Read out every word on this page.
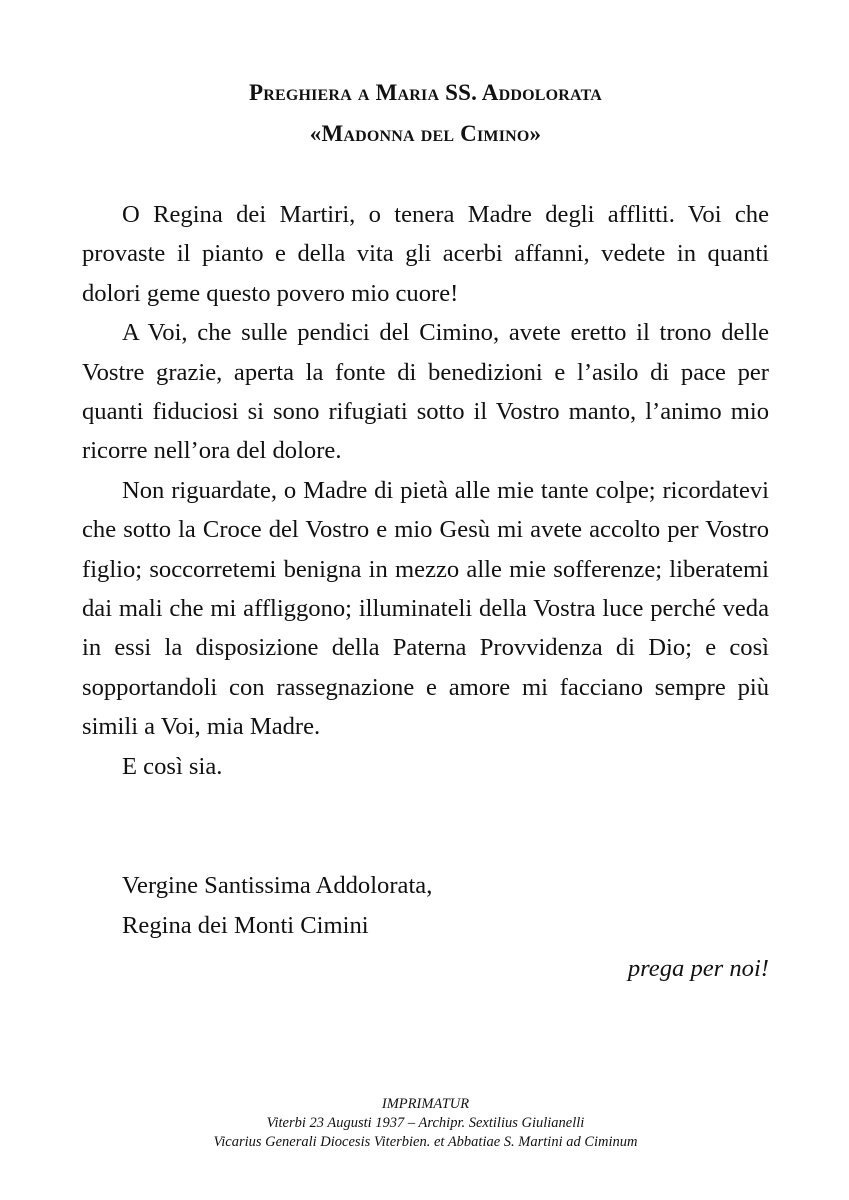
Preghiera a Maria SS. Addolorata
«Madonna del Cimino»

O Regina dei Martiri, o tenera Madre degli afflitti. Voi che provaste il pianto e della vita gli acerbi affanni, vedete in quanti dolori geme questo povero mio cuore!

A Voi, che sulle pendici del Cimino, avete eretto il trono delle Vostre grazie, aperta la fonte di benedizioni e l’asilo di pace per quanti fiduciosi si sono rifugiati sotto il Vostro manto, l’animo mio ricorre nell’ora del dolore.

Non riguardate, o Madre di pietà alle mie tante colpe; ricordatevi che sotto la Croce del Vostro e mio Gesù mi avete accolto per Vostro figlio; soccorretemi benigna in mezzo alle mie sofferenze; liberatemi dai mali che mi affliggono; illuminateli della Vostra luce perché veda in essi la disposizione della Paterna Provvidenza di Dio; e così sopportandoli con rassegnazione e amore mi facciano sempre più simili a Voi, mia Madre.

E così sia.

Vergine Santissima Addolorata,
Regina dei Monti Cimini
prega per noi!
IMPRIMATUR
Viterbi 23 Augusti 1937 – Archipr. Sextilius Giulianelli
Vicarius Generali Diocesis Viterbien. et Abbatiae S. Martini ad Ciminum
